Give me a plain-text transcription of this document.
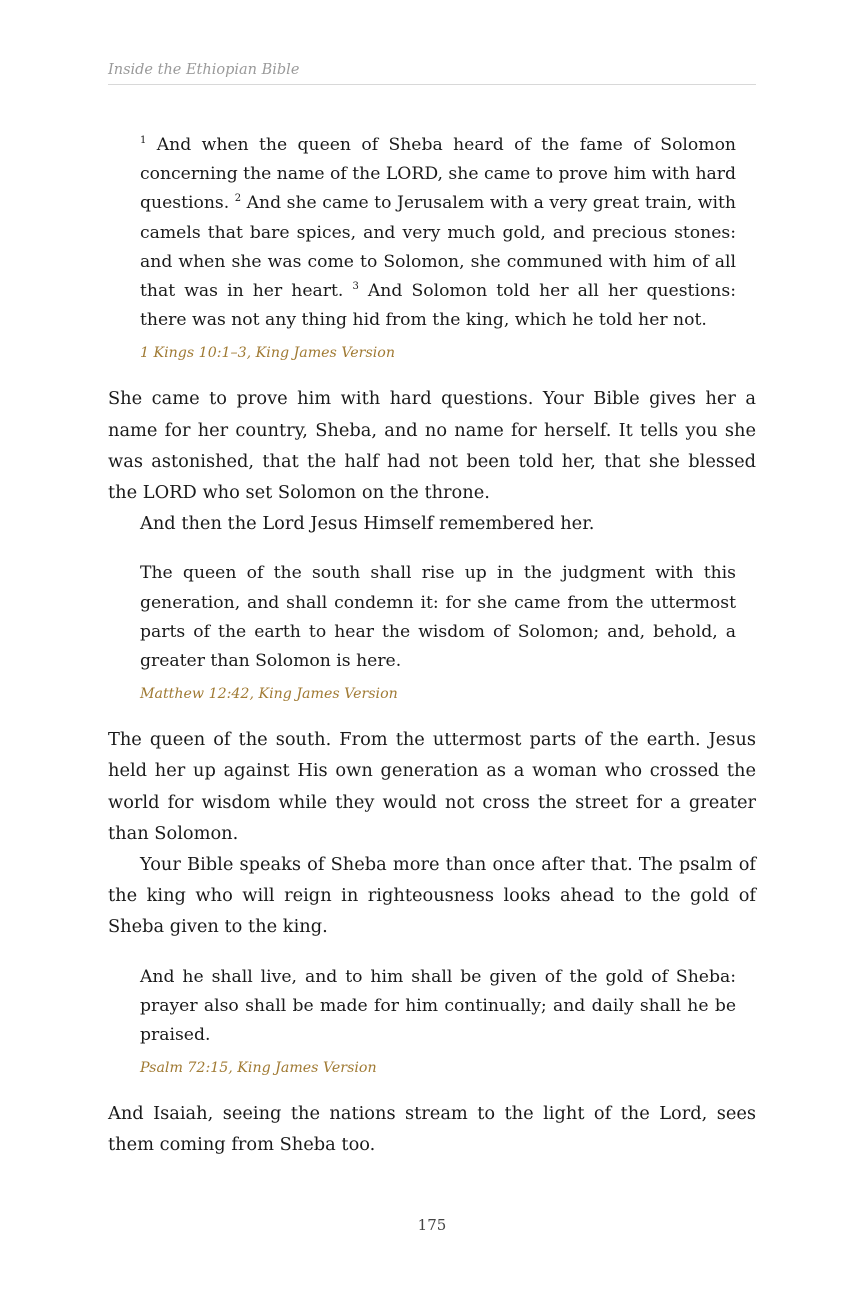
Inside the Ethiopian Bible

$^1$ And when the queen of Sheba heard of the fame of Solomon concerning the name of the LORD, she came to prove him with hard questions. $^2$ And she came to Jerusalem with a very great train, with camels that bare spices, and very much gold, and precious stones: and when she was come to Solomon, she communed with him of all that was in her heart. $^3$ And Solomon told her all her questions: there was not any thing hid from the king, which he told her not.

1 Kings 10:1–3, King James Version

She came to prove him with hard questions. Your Bible gives her a name for her country, Sheba, and no name for herself. It tells you she was astonished, that the half had not been told her, that she blessed the LORD who set Solomon on the throne.

And then the Lord Jesus Himself remembered her.

The queen of the south shall rise up in the judgment with this generation, and shall condemn it: for she came from the uttermost parts of the earth to hear the wisdom of Solomon; and, behold, a greater than Solomon is here.

Matthew 12:42, King James Version

The queen of the south. From the uttermost parts of the earth. Jesus held her up against His own generation as a woman who crossed the world for wisdom while they would not cross the street for a greater than Solomon.

Your Bible speaks of Sheba more than once after that. The psalm of the king who will reign in righteousness looks ahead to the gold of Sheba given to the king.

And he shall live, and to him shall be given of the gold of Sheba: prayer also shall be made for him continually; and daily shall he be praised.

Psalm 72:15, King James Version

And Isaiah, seeing the nations stream to the light of the Lord, sees them coming from Sheba too.

175
